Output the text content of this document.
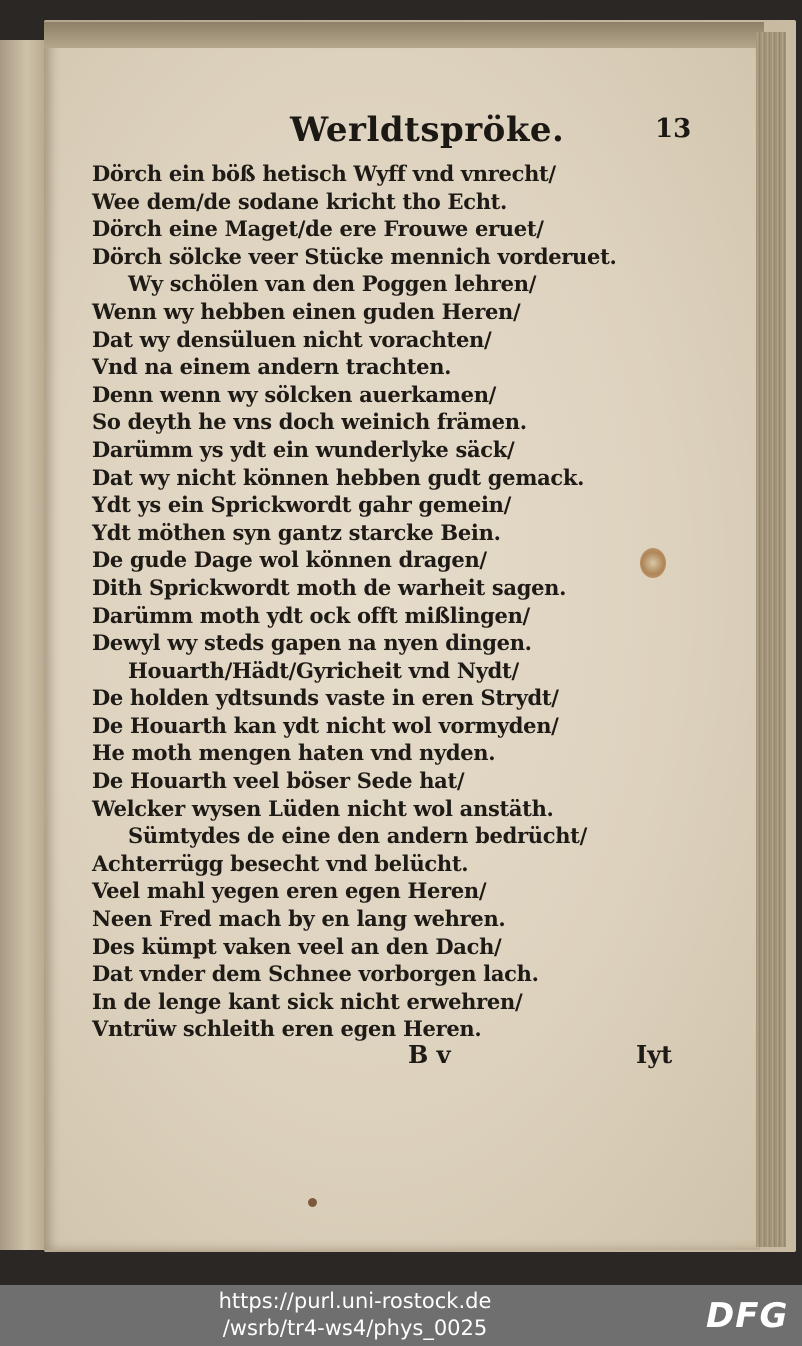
Werldtspröke.	13
Dörch ein böß hetisch Wyff vnd vnrecht/
Wee dem/de sodane kricht tho Echt.
Dörch eine Maget/de ere Frouwe eruet/
Dörch sölcke veer Stücke mennich vorderuet.
Wy schölen van den Poggen lehren/
Wenn wy hebben einen guden Heren/
Dat wy densüluen nicht vorachten/
Vnd na einem andern trachten.
Denn wenn wy sölcken auerkamen/
So deyth he vns doch weinich främen.
Darümm ys ydt ein wunderlyke säck/
Dat wy nicht können hebben gudt gemack.
Ydt ys ein Sprickwordt gahr gemein/
Ydt möthen syn gantz starcke Bein.
De gude Dage wol können dragen/
Dith Sprickwordt moth de warheit sagen.
Darümm moth ydt ock offt mißlingen/
Dewyl wy steds gapen na nyen dingen.
Houarth/Hädt/Gyricheit vnd Nydt/
De holden ydtsunds vaste in eren Strydt/
De Houarth kan ydt nicht wol vormyden/
He moth mengen haten vnd nyden.
De Houarth veel böser Sede hat/
Welcker wysen Lüden nicht wol anstäth.
Sümtydes de eine den andern bedrücht/
Achterrügg besecht vnd belücht.
Veel mahl yegen eren egen Heren/
Neen Fred mach by en lang wehren.
Des kümpt vaken veel an den Dach/
Dat vnder dem Schnee vorborgen lach.
In de lenge kant sick nicht erwehren/
Vntrüw schleith eren egen Heren.
B v	Iyt
https://purl.uni-rostock.de
/wsrb/tr4-ws4/phys_0025	DFG
